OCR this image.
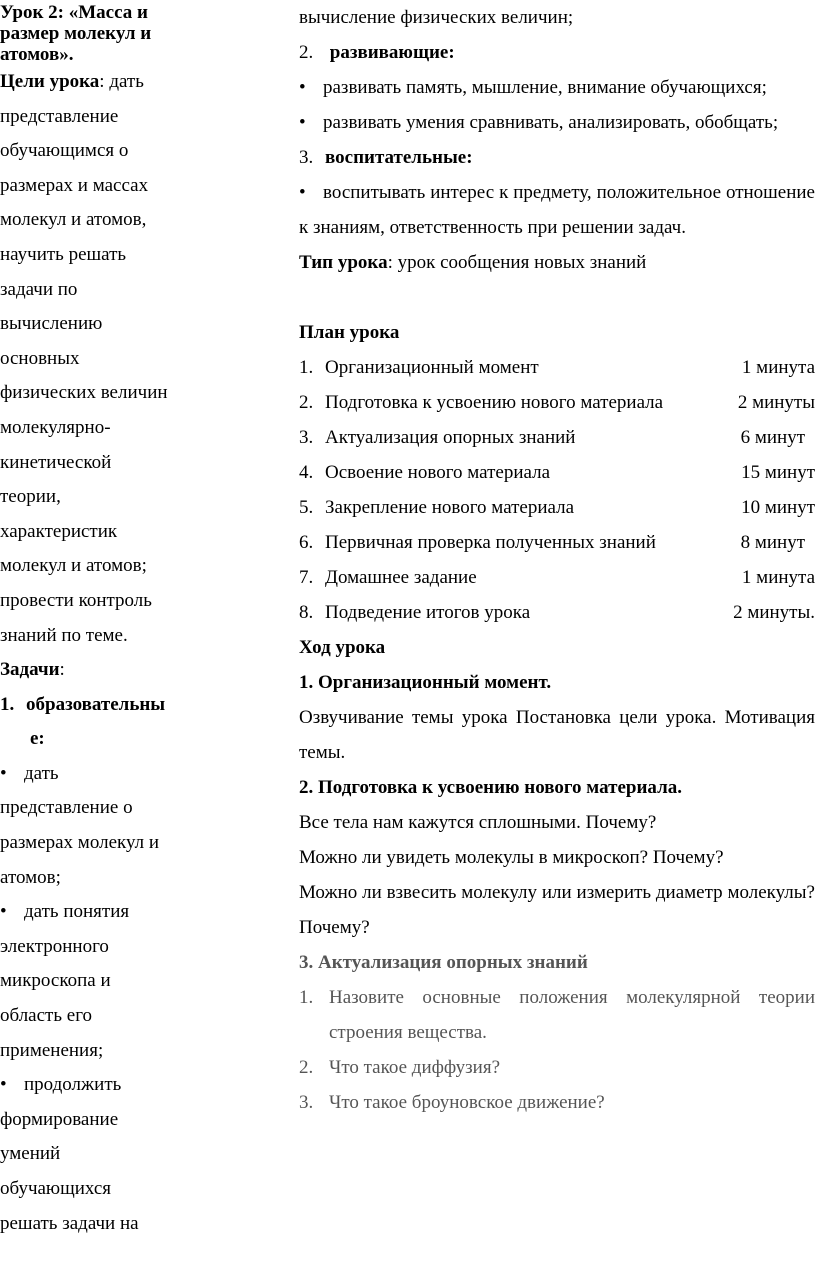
Урок 2: «Масса и размер молекул и атомов».

Цели урока: дать

представление

обучающимся о

размерах и массах

молекул и атомов,

научить решать

задачи по

вычислению

основных

физических величин

молекулярно-

кинетической

теории,

характеристик

молекул и атомов;

провести контроль

знаний по теме.

Задачи:

1. образовательны

е:

• дать

представление о

размерах молекул и

атомов;

• дать понятия

электронного

микроскопа и

область его

применения;

• продолжить

формирование

умений

обучающихся

решать задачи на

вычисление физических величин;

2. развивающие:

• развивать память, мышление, внимание обучающихся;

• развивать умения сравнивать, анализировать, обобщать;

3. воспитательные:

• воспитывать интерес к предмету, положительное отношение к знаниям, ответственность при решении задач.

Тип урока: урок сообщения новых знаний

План урока

1. Организационный момент	1 минута
2. Подготовка к усвоению нового материала	2 минуты
3. Актуализация опорных знаний	6 минут
4. Освоение нового материала	15 минут
5. Закрепление нового материала	10 минут
6. Первичная проверка полученных знаний	8 минут
7. Домашнее задание	1 минута
8. Подведение итогов урока	2 минуты.

Ход урока

1. Организационный момент.

Озвучивание темы урока Постановка цели урока. Мотивация темы.

2. Подготовка к усвоению нового материала.

Все тела нам кажутся сплошными. Почему?

Можно ли увидеть молекулы в микроскоп? Почему?

Можно ли взвесить молекулу или измерить диаметр молекулы? Почему?

3. Актуализация опорных знаний

1. Назовите основные положения молекулярной теории строения вещества.
2. Что такое диффузия?
3. Что такое броуновское движение?
